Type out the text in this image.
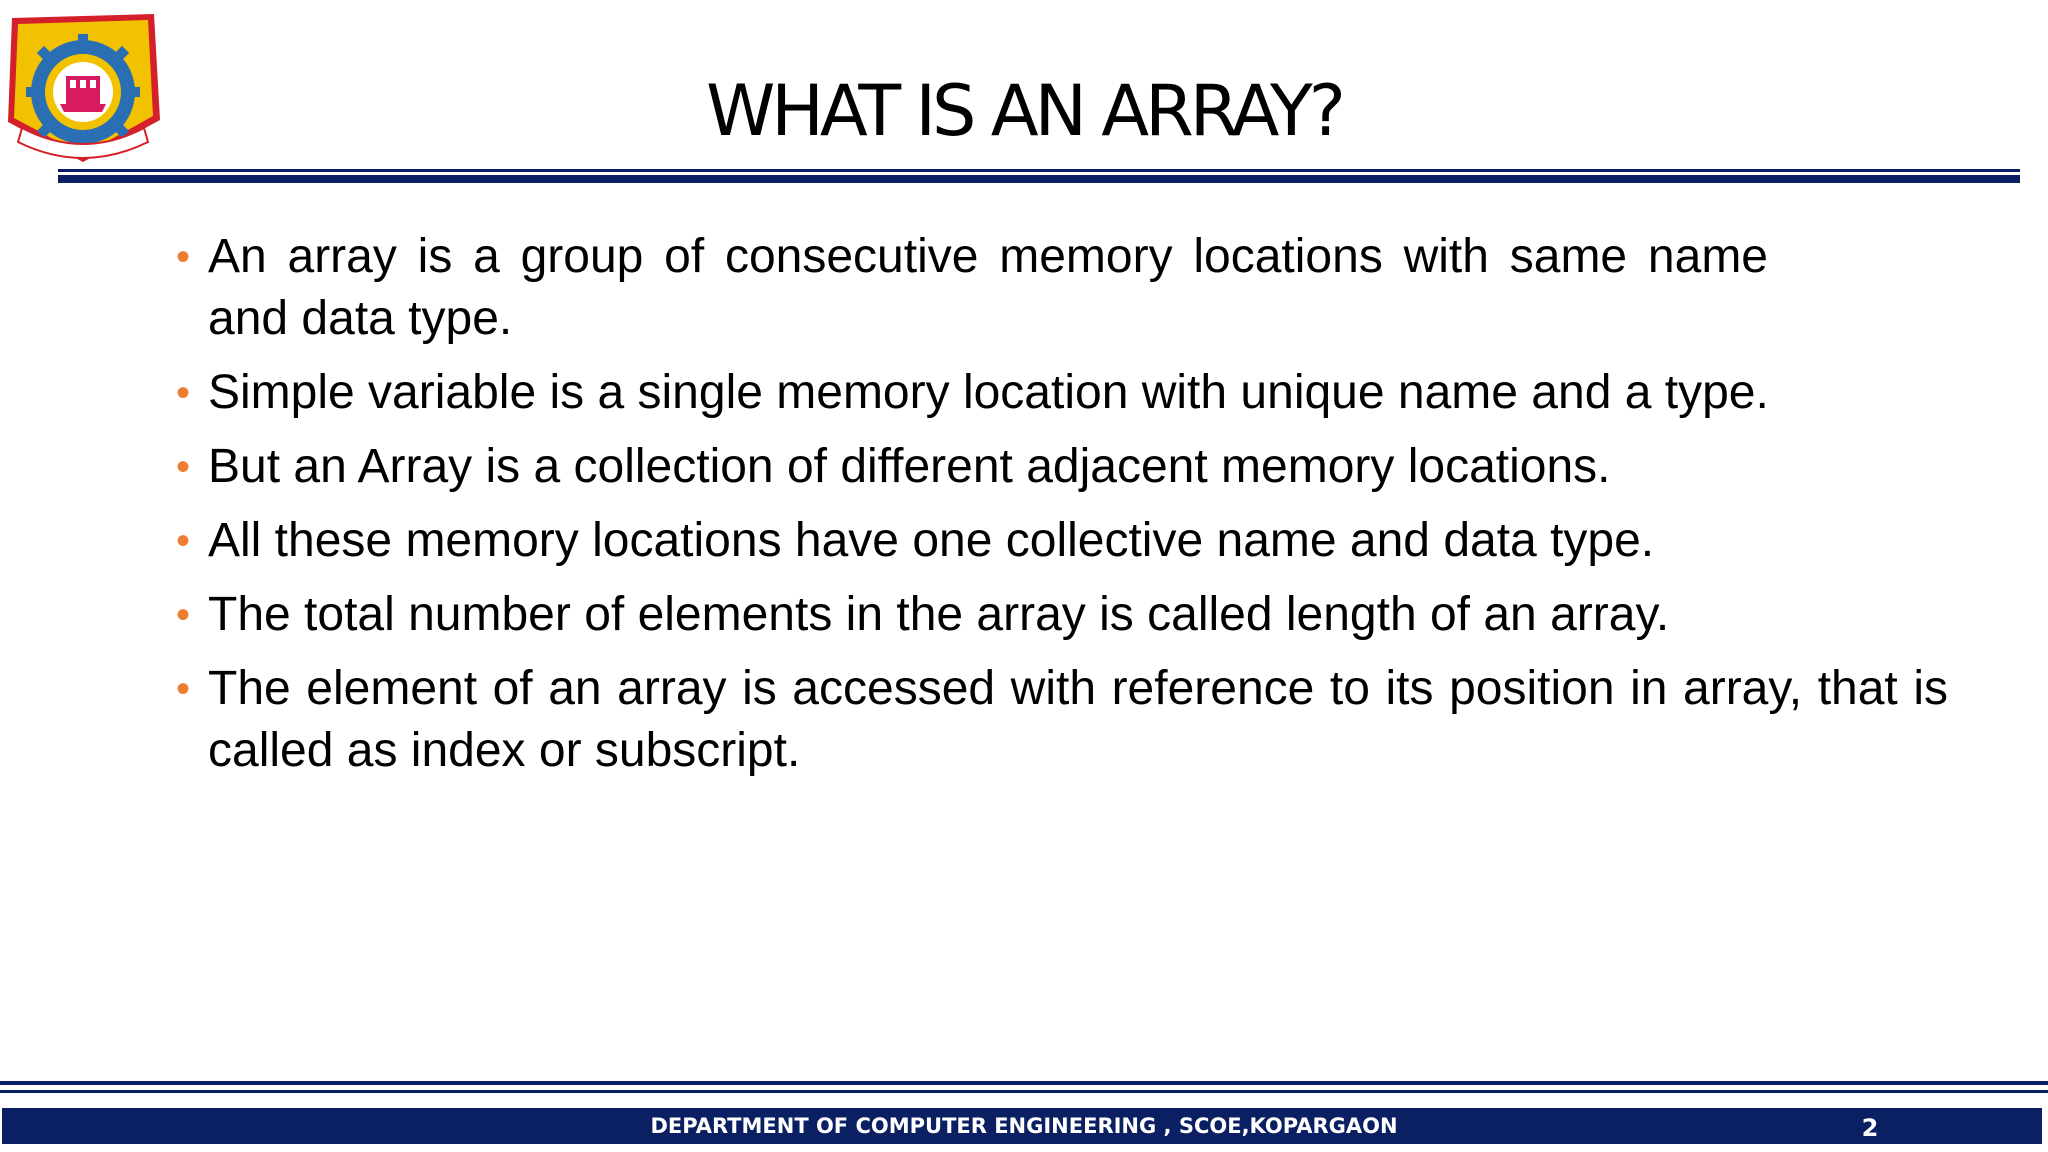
WHAT IS AN ARRAY?
• An array is a group of consecutive memory locations with same name and data type.
• Simple variable is a single memory location with unique name and a type.
• But an Array is a collection of different adjacent memory locations.
• All these memory locations have one collective name and data type.
• The total number of elements in the array is called length of an array.
• The element of an array is accessed with reference to its position in array, that is called as index or subscript.
DEPARTMENT OF COMPUTER ENGINEERING , SCOE,KOPARGAON	2
